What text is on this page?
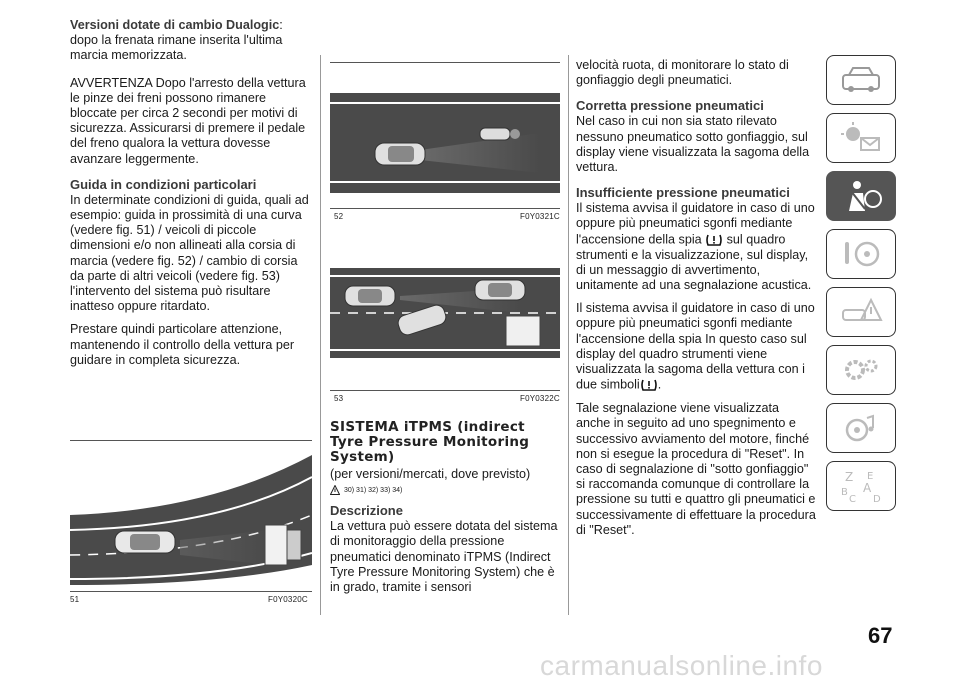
Versioni dotate di cambio Dualogic: dopo la frenata rimane inserita l'ultima marcia memorizzata.

AVVERTENZA Dopo l'arresto della vettura le pinze dei freni possono rimanere bloccate per circa 2 secondi per motivi di sicurezza. Assicurarsi di premere il pedale del freno qualora la vettura dovesse avanzare leggermente.

Guida in condizioni particolari

In determinate condizioni di guida, quali ad esempio: guida in prossimità di una curva (vedere fig. 51) / veicoli di piccole dimensioni e/o non allineati alla corsia di marcia (vedere fig. 52) / cambio di corsia da parte di altri veicoli (vedere fig. 53) l'intervento del sistema può risultare inatteso oppure ritardato.

Prestare quindi particolare attenzione, mantenendo il controllo della vettura per guidare in completa sicurezza.

51	F0Y0320C
52	F0Y0321C
53	F0Y0322C
SISTEMA iTPMS (indirect Tyre Pressure Monitoring System)

(per versioni/mercati, dove previsto)

30) 31) 32) 33) 34)
Descrizione

La vettura può essere dotata del sistema di monitoraggio della pressione pneumatici denominato iTPMS (Indirect Tyre Pressure Monitoring System) che è in grado, tramite i sensori

velocità ruota, di monitorare lo stato di gonfiaggio degli pneumatici.

Corretta pressione pneumatici

Nel caso in cui non sia stato rilevato nessuno pneumatico sotto gonfiaggio, sul display viene visualizzata la sagoma della vettura.

Insufficiente pressione pneumatici

Il sistema avvisa il guidatore in caso di uno oppure più pneumatici sgonfi mediante l'accensione della spia sul quadro strumenti e la visualizzazione, sul display, di un messaggio di avvertimento, unitamente ad una segnalazione acustica.

Il sistema avvisa il guidatore in caso di uno oppure più pneumatici sgonfi mediante l'accensione della spia In questo caso sul display del quadro strumenti viene visualizzata la sagoma della vettura con i due simboli .

Tale segnalazione viene visualizzata anche in seguito ad uno spegnimento e successivo avviamento del motore, finché non si esegue la procedura di "Reset". In caso di segnalazione di "sotto gonfiaggio" si raccomanda comunque di controllare la pressione su tutti e quattro gli pneumatici e successivamente di effettuare la procedura di "Reset".

Z E
B A
C D
67
carmanualsonline.info
